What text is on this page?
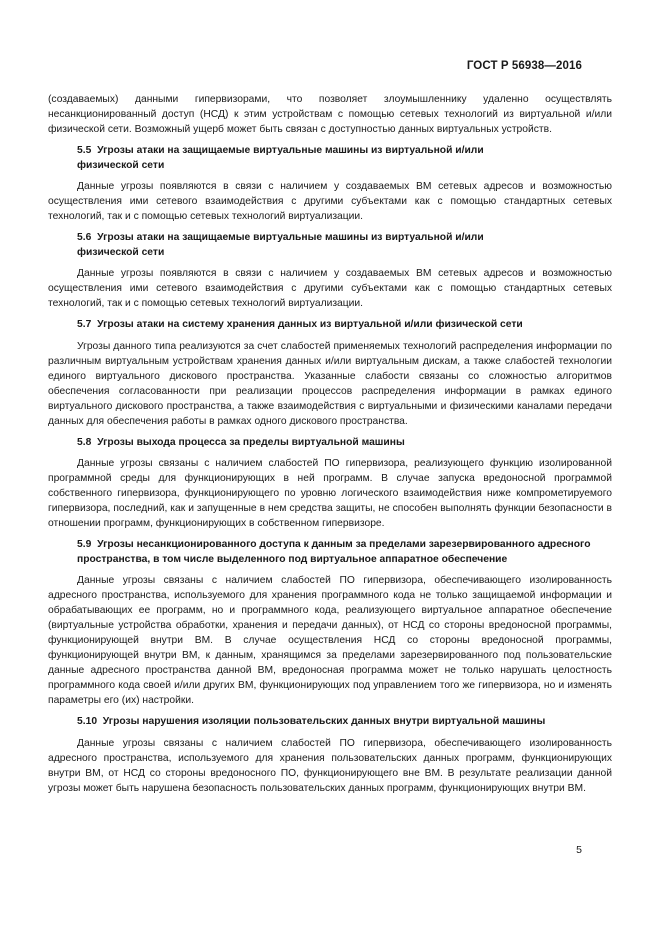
ГОСТ Р 56938—2016

(создаваемых) данными гипервизорами, что позволяет злоумышленнику удаленно осуществлять несанкционированный доступ (НСД) к этим устройствам с помощью сетевых технологий из виртуальной и/или физической сети. Возможный ущерб может быть связан с доступностью данных виртуальных устройств.

5.5 Угрозы атаки на защищаемые виртуальные машины из виртуальной и/или физической сети

Данные угрозы появляются в связи с наличием у создаваемых ВМ сетевых адресов и возможностью осуществления ими сетевого взаимодействия с другими субъектами как с помощью стандартных сетевых технологий, так и с помощью сетевых технологий виртуализации.

5.6 Угрозы атаки на защищаемые виртуальные машины из виртуальной и/или физической сети

Данные угрозы появляются в связи с наличием у создаваемых ВМ сетевых адресов и возможностью осуществления ими сетевого взаимодействия с другими субъектами как с помощью стандартных сетевых технологий, так и с помощью сетевых технологий виртуализации.

5.7 Угрозы атаки на систему хранения данных из виртуальной и/или физической сети

Угрозы данного типа реализуются за счет слабостей применяемых технологий распределения информации по различным виртуальным устройствам хранения данных и/или виртуальным дискам, а также слабостей технологии единого виртуального дискового пространства. Указанные слабости связаны со сложностью алгоритмов обеспечения согласованности при реализации процессов распределения информации в рамках единого виртуального дискового пространства, а также взаимодействия с виртуальными и физическими каналами передачи данных для обеспечения работы в рамках одного дискового пространства.

5.8 Угрозы выхода процесса за пределы виртуальной машины

Данные угрозы связаны с наличием слабостей ПО гипервизора, реализующего функцию изолированной программной среды для функционирующих в ней программ. В случае запуска вредоносной программой собственного гипервизора, функционирующего по уровню логического взаимодействия ниже компрометируемого гипервизора, последний, как и запущенные в нем средства защиты, не способен выполнять функции безопасности в отношении программ, функционирующих в собственном гипервизоре.

5.9 Угрозы несанкционированного доступа к данным за пределами зарезервированного адресного пространства, в том числе выделенного под виртуальное аппаратное обеспечение

Данные угрозы связаны с наличием слабостей ПО гипервизора, обеспечивающего изолированность адресного пространства, используемого для хранения программного кода не только защищаемой информации и обрабатывающих ее программ, но и программного кода, реализующего виртуальное аппаратное обеспечение (виртуальные устройства обработки, хранения и передачи данных), от НСД со стороны вредоносной программы, функционирующей внутри ВМ. В случае осуществления НСД со стороны вредоносной программы, функционирующей внутри ВМ, к данным, хранящимся за пределами зарезервированного под пользовательские данные адресного пространства данной ВМ, вредоносная программа может не только нарушать целостность программного кода своей и/или других ВМ, функционирующих под управлением того же гипервизора, но и изменять параметры его (их) настройки.

5.10 Угрозы нарушения изоляции пользовательских данных внутри виртуальной машины

Данные угрозы связаны с наличием слабостей ПО гипервизора, обеспечивающего изолированность адресного пространства, используемого для хранения пользовательских данных программ, функционирующих внутри ВМ, от НСД со стороны вредоносного ПО, функционирующего вне ВМ. В результате реализации данной угрозы может быть нарушена безопасность пользовательских данных программ, функционирующих внутри ВМ.

5
